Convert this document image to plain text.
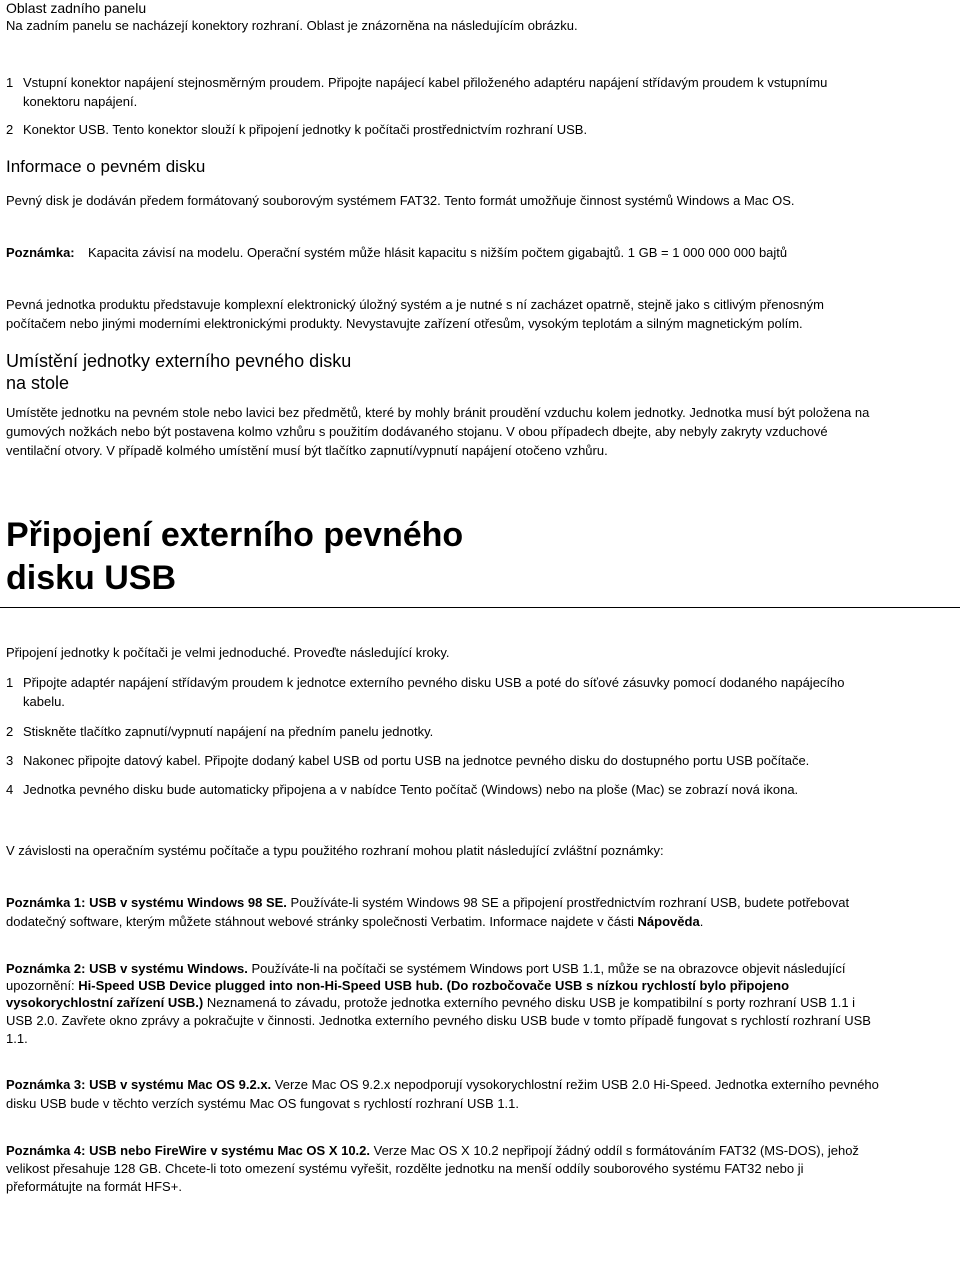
Oblast zadního panelu

Na zadním panelu se nacházejí konektory rozhraní. Oblast je znázorněna na následujícím obrázku.

1 Vstupní konektor napájení stejnosměrným proudem. Připojte napájecí kabel přiloženého adaptéru napájení střídavým proudem k vstupnímu

konektoru napájení.

2 Konektor USB. Tento konektor slouží k připojení jednotky k počítači prostřednictvím rozhraní USB.

Informace o pevném disku

Pevný disk je dodáván předem formátovaný souborovým systémem FAT32. Tento formát umožňuje činnost systémů Windows a Mac OS.

Poznámka: Kapacita závisí na modelu. Operační systém může hlásit kapacitu s nižším počtem gigabajtů. 1 GB = 1 000 000 000 bajtů

Pevná jednotka produktu představuje komplexní elektronický úložný systém a je nutné s ní zacházet opatrně, stejně jako s citlivým přenosným

počítačem nebo jinými moderními elektronickými produkty. Nevystavujte zařízení otřesům, vysokým teplotám a silným magnetickým polím.

Umístění jednotky externího pevného disku

na stole

Umístěte jednotku na pevném stole nebo lavici bez předmětů, které by mohly bránit proudění vzduchu kolem jednotky. Jednotka musí být položena na

gumových nožkách nebo být postavena kolmo vzhůru s použitím dodávaného stojanu. V obou případech dbejte, aby nebyly zakryty vzduchové

ventilační otvory. V případě kolmého umístění musí být tlačítko zapnutí/vypnutí napájení otočeno vzhůru.

Připojení externího pevného

disku USB

Připojení jednotky k počítači je velmi jednoduché. Proveďte následující kroky.

1 Připojte adaptér napájení střídavým proudem k jednotce externího pevného disku USB a poté do síťové zásuvky pomocí dodaného napájecího

kabelu.

2 Stiskněte tlačítko zapnutí/vypnutí napájení na předním panelu jednotky.

3 Nakonec připojte datový kabel. Připojte dodaný kabel USB od portu USB na jednotce pevného disku do dostupného portu USB počítače.

4 Jednotka pevného disku bude automaticky připojena a v nabídce Tento počítač (Windows) nebo na ploše (Mac) se zobrazí nová ikona.

V závislosti na operačním systému počítače a typu použitého rozhraní mohou platit následující zvláštní poznámky:

Poznámka 1: USB v systému Windows 98 SE. Používáte-li systém Windows 98 SE a připojení prostřednictvím rozhraní USB, budete potřebovat

dodatečný software, kterým můžete stáhnout webové stránky společnosti Verbatim. Informace najdete v části Nápověda.

Poznámka 2: USB v systému Windows. Používáte-li na počítači se systémem Windows port USB 1.1, může se na obrazovce objevit následující

upozornění: Hi-Speed USB Device plugged into non-Hi-Speed USB hub. (Do rozbočovače USB s nízkou rychlostí bylo připojeno

vysokorychlostní zařízení USB.) Neznamená to závadu, protože jednotka externího pevného disku USB je kompatibilní s porty rozhraní USB 1.1 i

USB 2.0. Zavřete okno zprávy a pokračujte v činnosti. Jednotka externího pevného disku USB bude v tomto případě fungovat s rychlostí rozhraní USB

1.1.

Poznámka 3: USB v systému Mac OS 9.2.x. Verze Mac OS 9.2.x nepodporují vysokorychlostní režim USB 2.0 Hi-Speed. Jednotka externího pevného

disku USB bude v těchto verzích systému Mac OS fungovat s rychlostí rozhraní USB 1.1.

Poznámka 4: USB nebo FireWire v systému Mac OS X 10.2. Verze Mac OS X 10.2 nepřipojí žádný oddíl s formátováním FAT32 (MS-DOS), jehož

velikost přesahuje 128 GB. Chcete-li toto omezení systému vyřešit, rozdělte jednotku na menší oddíly souborového systému FAT32 nebo ji

přeformátujte na formát HFS+.
